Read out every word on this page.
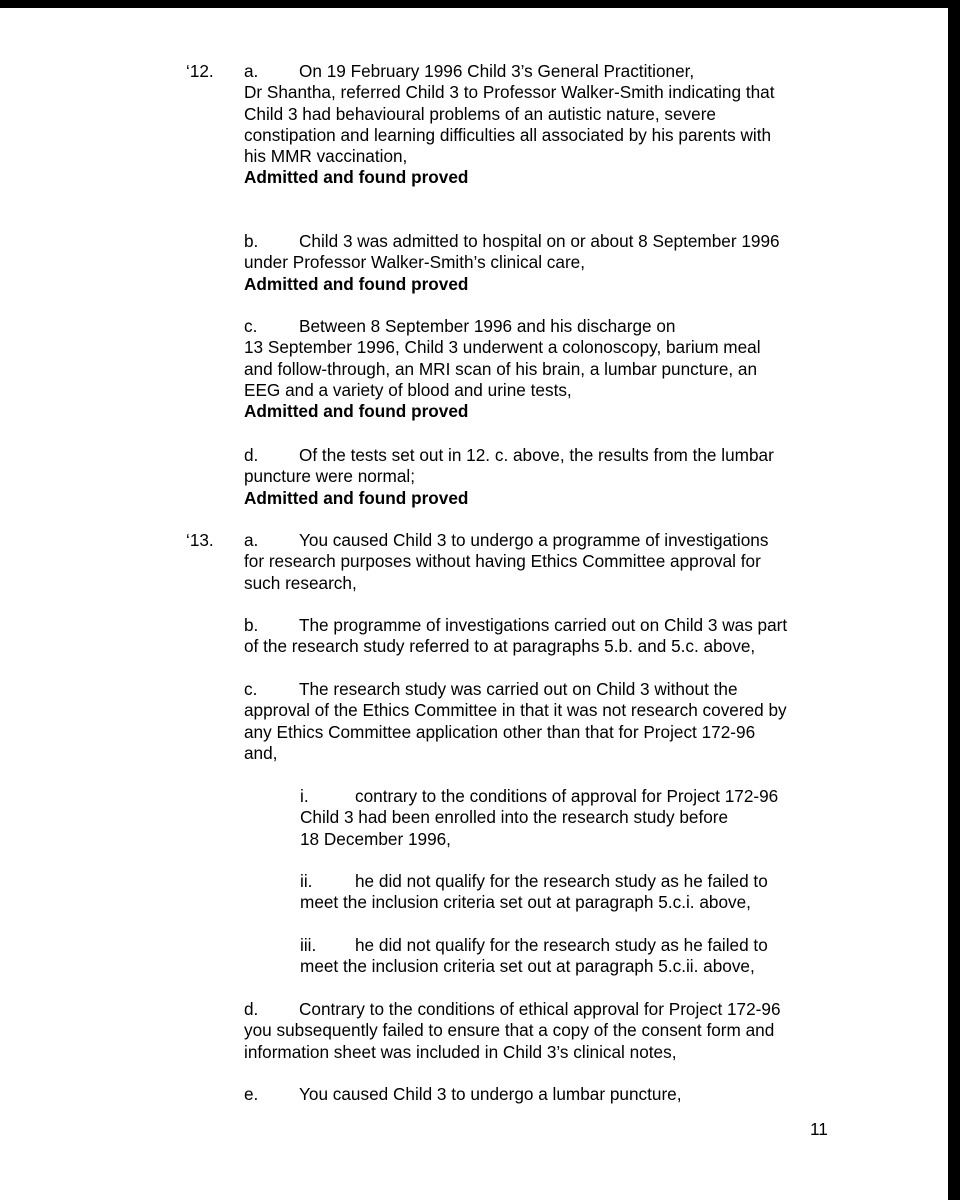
‘12. a. On 19 February 1996 Child 3’s General Practitioner,
Dr Shantha, referred Child 3 to Professor Walker-Smith indicating that
Child 3 had behavioural problems of an autistic nature, severe
constipation and learning difficulties all associated by his parents with
his MMR vaccination,
Admitted and found proved
b. Child 3 was admitted to hospital on or about 8 September 1996
under Professor Walker-Smith’s clinical care,
Admitted and found proved
c. Between 8 September 1996 and his discharge on
13 September 1996, Child 3 underwent a colonoscopy, barium meal
and follow-through, an MRI scan of his brain, a lumbar puncture, an
EEG and a variety of blood and urine tests,
Admitted and found proved
d. Of the tests set out in 12. c. above, the results from the lumbar
puncture were normal;
Admitted and found proved
‘13. a. You caused Child 3 to undergo a programme of investigations
for research purposes without having Ethics Committee approval for
such research,
b. The programme of investigations carried out on Child 3 was part
of the research study referred to at paragraphs 5.b. and 5.c. above,
c. The research study was carried out on Child 3 without the
approval of the Ethics Committee in that it was not research covered by
any Ethics Committee application other than that for Project 172-96
and,
i.	contrary to the conditions of approval for Project 172-96
Child 3 had been enrolled into the research study before
18 December 1996,
ii. he did not qualify for the research study as he failed to
meet the inclusion criteria set out at paragraph 5.c.i. above,
iii. he did not qualify for the research study as he failed to
meet the inclusion criteria set out at paragraph 5.c.ii. above,
d. Contrary to the conditions of ethical approval for Project 172-96
you subsequently failed to ensure that a copy of the consent form and
information sheet was included in Child 3’s clinical notes,
e. You caused Child 3 to undergo a lumbar puncture,
11
